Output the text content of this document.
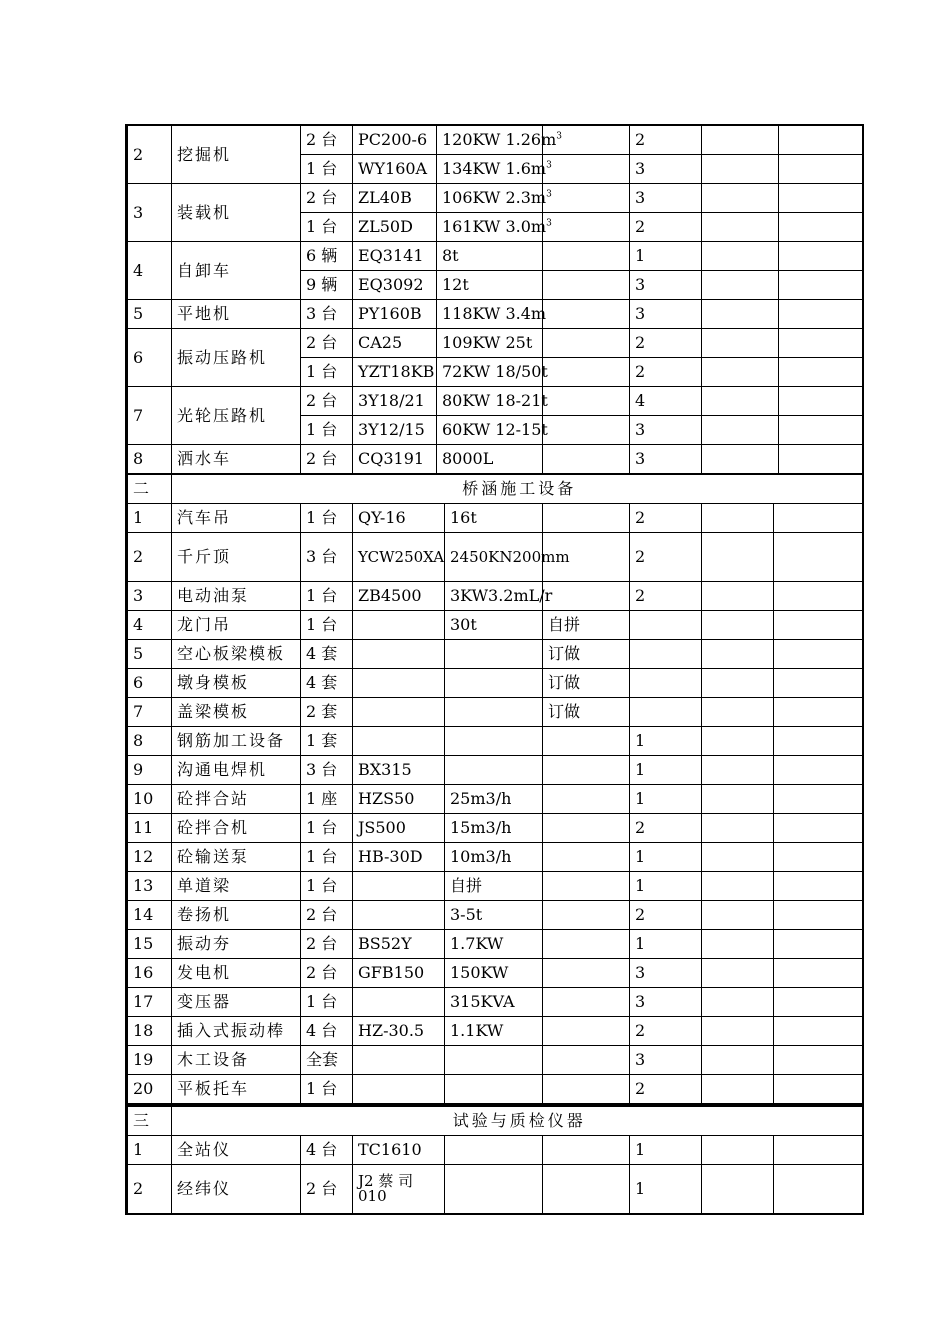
2	挖掘机	2 台	PC200-6	120KW $1.26m^3$		2		
		1 台	WY160A	134KW $1.6m^3$		3		
3	装载机	2 台	ZL40B	106KW $2.3m^3$		3		
		1 台	ZL50D	161KW $3.0m^3$		2		
4	自卸车	6 辆	EQ3141	8t		1		
		9 辆	EQ3092	12t		3		
5	平地机	3 台	PY160B	118KW 3.4m		3		
6	振动压路机	2 台	CA25	109KW 25t		2		
		1 台	YZT18KB	72KW 18/50t		2		
7	光轮压路机	2 台	3Y18/21	80KW 18-21t		4		
		1 台	3Y12/15	60KW 12-15t		3		
8	洒水车	2 台	CQ3191	8000L		3		
二	桥涵施工设备							
1	汽车吊	1 台	QY-16	16t		2		
2	千斤顶	3 台	YCW250XA	2450KN200mm		2		
3	电动油泵	1 台	ZB4500	3KW3.2mL/r		2		
4	龙门吊	1 台		30t	自拼			
5	空心板梁模板	4 套			订做			
6	墩身模板	4 套			订做			
7	盖梁模板	2 套			订做			
8	钢筋加工设备	1 套				1		
9	沟通电焊机	3 台	BX315			1		
10	砼拌合站	1 座	HZS50	25m3/h		1		
11	砼拌合机	1 台	JS500	15m3/h		2		
12	砼输送泵	1 台	HB-30D	10m3/h		1		
13	单道梁	1 台		自拼		1		
14	卷扬机	2 台		3-5t		2		
15	振动夯	2 台	BS52Y	1.7KW		1		
16	发电机	2 台	GFB150	150KW		3		
17	变压器	1 台		315KVA		3		
18	插入式振动棒	4 台	HZ-30.5	1.1KW		2		
19	木工设备	全套				3		
20	平板托车	1 台				2		
三	试验与质检仪器							
1	全站仪	4 台	TC1610			1		
2	经纬仪	2 台	J2 蔡 司 010			1		
